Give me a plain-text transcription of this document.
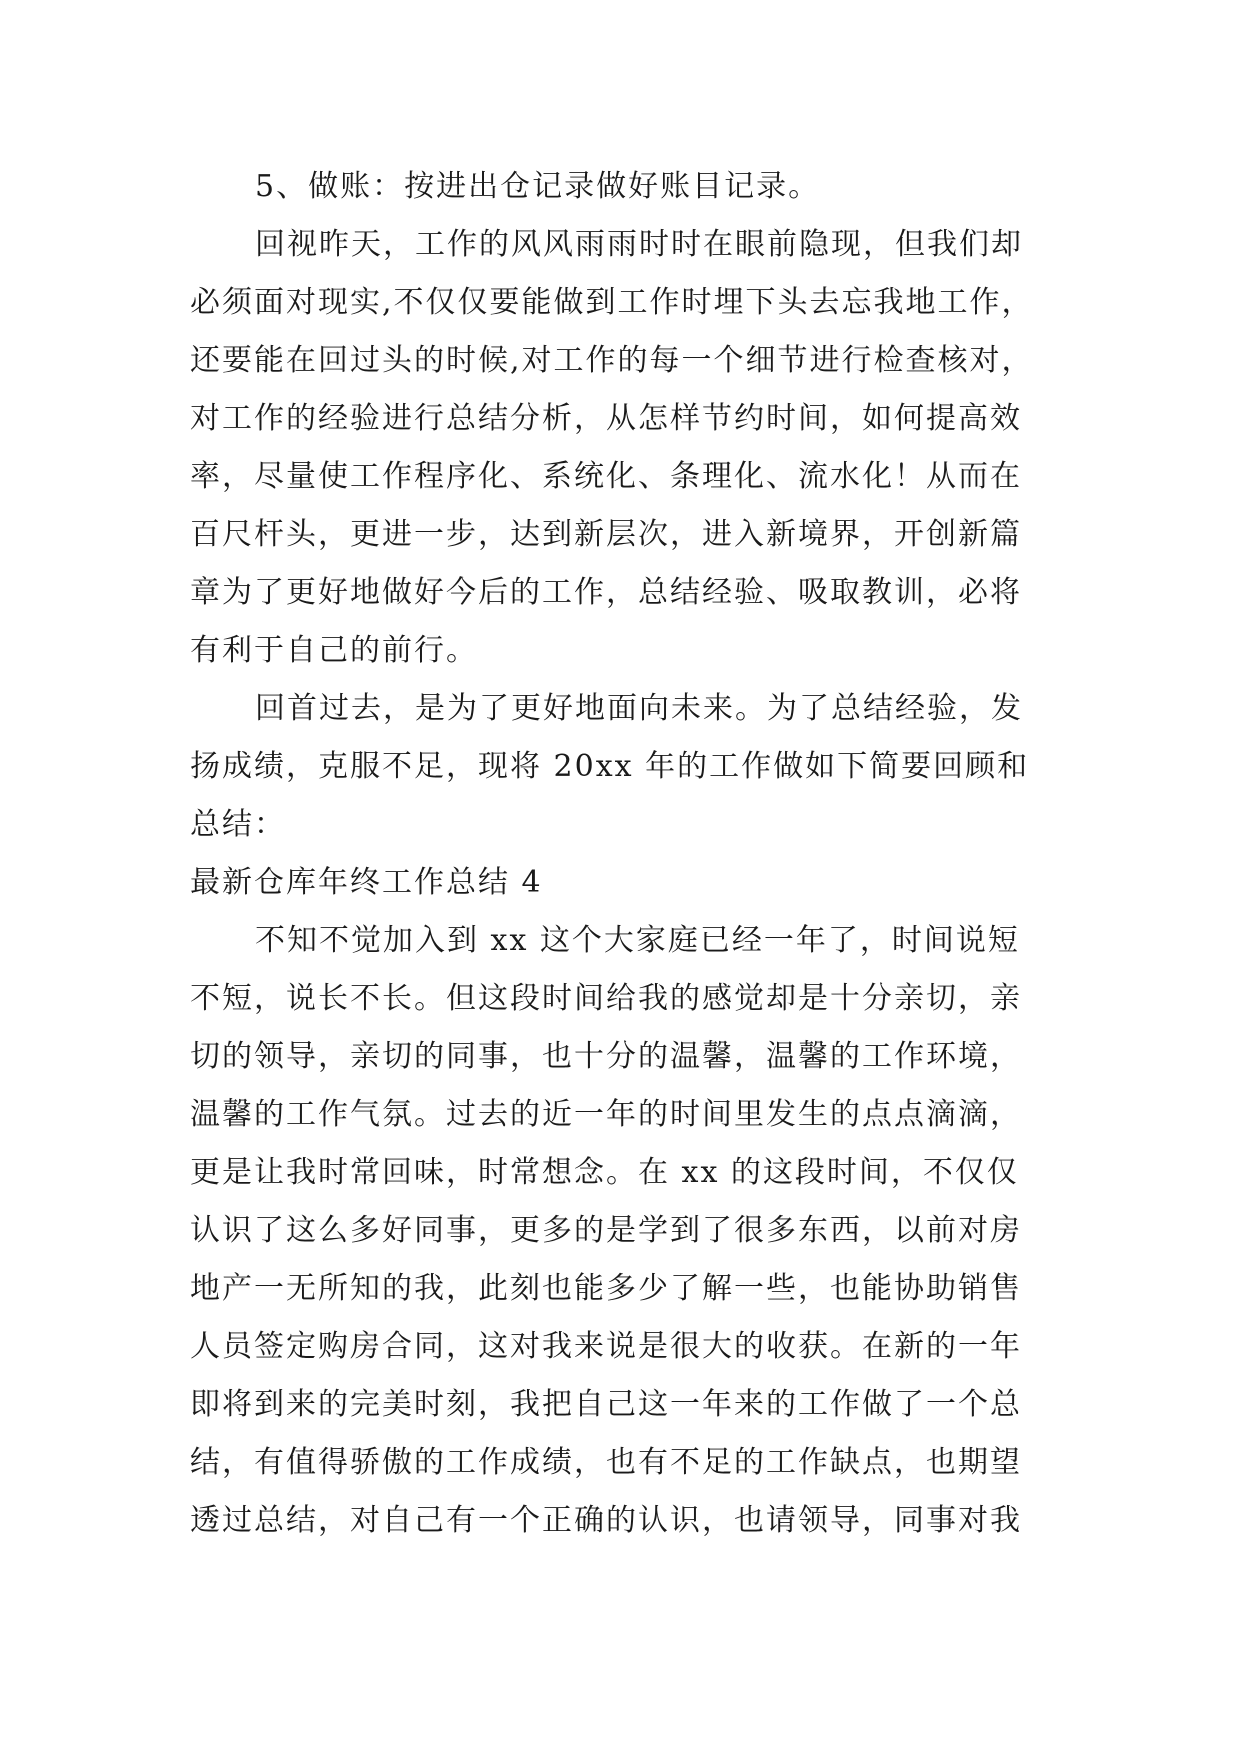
5、做账：按进出仓记录做好账目记录。
回视昨天，工作的风风雨雨时时在眼前隐现，但我们却
必须面对现实,不仅仅要能做到工作时埋下头去忘我地工作，
还要能在回过头的时候,对工作的每一个细节进行检查核对，
对工作的经验进行总结分析，从怎样节约时间，如何提高效
率，尽量使工作程序化、系统化、条理化、流水化！从而在
百尺杆头，更进一步，达到新层次，进入新境界，开创新篇
章为了更好地做好今后的工作，总结经验、吸取教训，必将
有利于自己的前行。
回首过去，是为了更好地面向未来。为了总结经验，发
扬成绩，克服不足，现将 20xx 年的工作做如下简要回顾和
总结：
最新仓库年终工作总结 4
不知不觉加入到 xx 这个大家庭已经一年了，时间说短
不短，说长不长。但这段时间给我的感觉却是十分亲切，亲
切的领导，亲切的同事，也十分的温馨，温馨的工作环境，
温馨的工作气氛。过去的近一年的时间里发生的点点滴滴，
更是让我时常回味，时常想念。在 xx 的这段时间，不仅仅
认识了这么多好同事，更多的是学到了很多东西，以前对房
地产一无所知的我，此刻也能多少了解一些，也能协助销售
人员签定购房合同，这对我来说是很大的收获。在新的一年
即将到来的完美时刻，我把自己这一年来的工作做了一个总
结，有值得骄傲的工作成绩，也有不足的工作缺点，也期望
透过总结，对自己有一个正确的认识，也请领导，同事对我
